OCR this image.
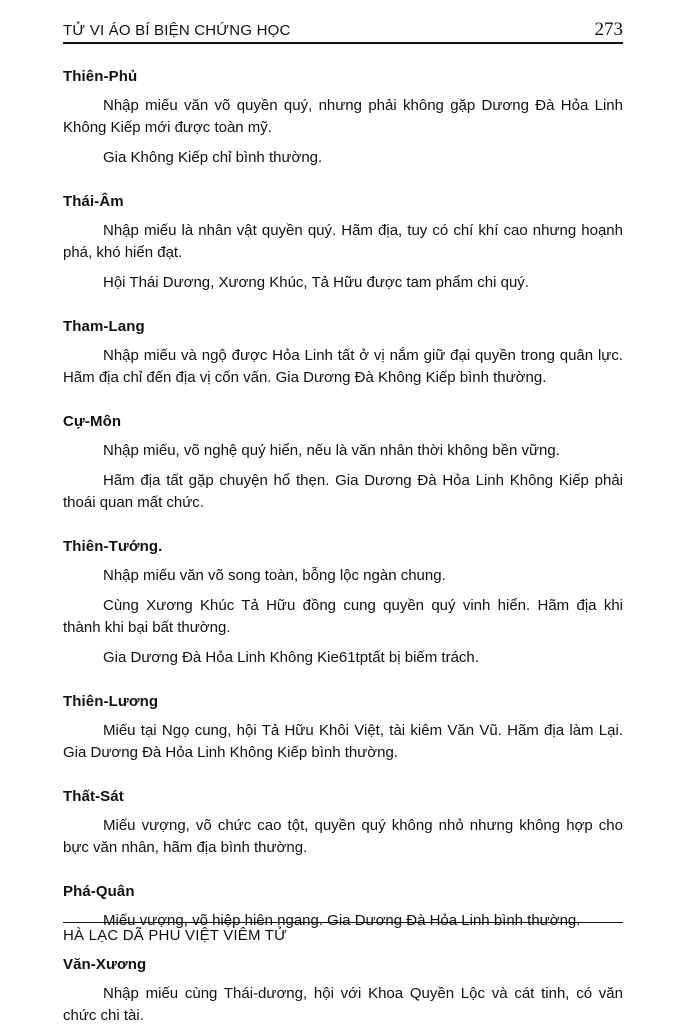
TỬ VI ÁO BÍ BIỆN CHỨNG HỌC	273
Thiên-Phủ

Nhập miếu văn võ quyền quý, nhưng phải không gặp Dương Đà Hỏa Linh Không Kiếp mới được toàn mỹ.

Gia Không Kiếp chỉ bình thường.

Thái-Âm

Nhập miếu là nhân vật quyền quý. Hãm địa, tuy có chí khí cao nhưng hoạnh phá, khó hiển đạt.

Hội Thái Dương, Xương Khúc, Tả Hữu được tam phẩm chi quý.

Tham-Lang

Nhập miếu và ngộ được Hỏa Linh tất ở vị nắm giữ đại quyền trong quân lực. Hãm địa chỉ đến địa vị cốn vấn. Gia Dương Đà Không Kiếp bình thường.

Cự-Môn

Nhập miếu, võ nghệ quý hiển, nếu là văn nhân thời không bền vững.

Hãm địa tất gặp chuyện hổ thẹn. Gia Dương Đà Hỏa Linh Không Kiếp phải thoái quan mất chức.

Thiên-Tướng.

Nhập miếu văn võ song toàn, bỗng lộc ngàn chung.

Cùng Xương Khúc Tả Hữu đồng cung quyền quý vinh hiển. Hãm địa khi thành khi bại bất thường.

Gia Dương Đà Hỏa Linh Không Kie61tptất bị biếm trách.

Thiên-Lương

Miếu tại Ngọ cung, hội Tả Hữu Khôi Việt, tài kiêm Văn Vũ. Hãm địa làm Lại. Gia Dương Đà Hỏa Linh Không Kiếp bình thường.

Thất-Sát

Miếu vượng, võ chức cao tột, quyền quý không nhỏ nhưng không hợp cho bực văn nhân, hãm địa bình thường.

Phá-Quân

Miếu vượng, võ hiệp hiên ngang. Gia Dương Đà Hỏa Linh bình thường.

Văn-Xương

Nhập miếu cùng Thái-dương, hội với Khoa Quyền Lộc và cát tinh, có văn chức chi tài.

HÀ LẠC DÃ PHU VIỆT VIÊM TỬ
